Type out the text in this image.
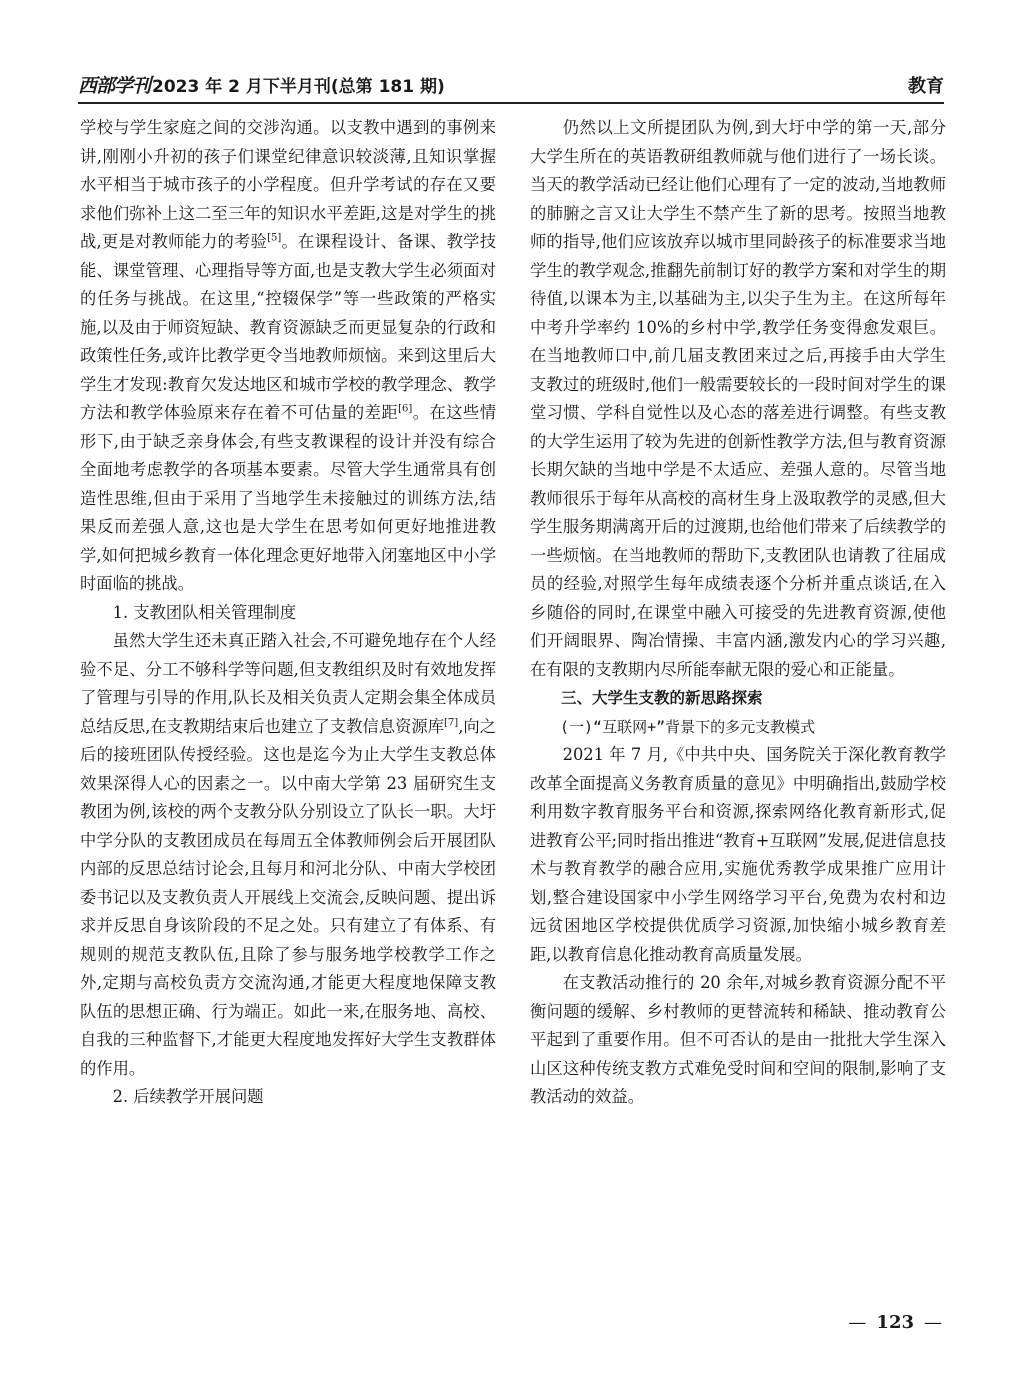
西部学刊 2023 年 2 月下半月刊(总第 181 期)	教育

学校与学生家庭之间的交涉沟通。以支教中遇到的事例来讲,刚刚小升初的孩子们课堂纪律意识较淡薄,且知识掌握水平相当于城市孩子的小学程度。但升学考试的存在又要求他们弥补上这二至三年的知识水平差距,这是对学生的挑战,更是对教师能力的考验[5]。在课程设计、备课、教学技能、课堂管理、心理指导等方面,也是支教大学生必须面对的任务与挑战。在这里,“控辍保学”等一些政策的严格实施,以及由于师资短缺、教育资源缺乏而更显复杂的行政和政策性任务,或许比教学更令当地教师烦恼。来到这里后大学生才发现:教育欠发达地区和城市学校的教学理念、教学方法和教学体验原来存在着不可估量的差距[6]。在这些情形下,由于缺乏亲身体会,有些支教课程的设计并没有综合全面地考虑教学的各项基本要素。尽管大学生通常具有创造性思维,但由于采用了当地学生未接触过的训练方法,结果反而差强人意,这也是大学生在思考如何更好地推进教学,如何把城乡教育一体化理念更好地带入闭塞地区中小学时面临的挑战。

1. 支教团队相关管理制度

虽然大学生还未真正踏入社会,不可避免地存在个人经验不足、分工不够科学等问题,但支教组织及时有效地发挥了管理与引导的作用,队长及相关负责人定期会集全体成员总结反思,在支教期结束后也建立了支教信息资源库[7],向之后的接班团队传授经验。这也是迄今为止大学生支教总体效果深得人心的因素之一。以中南大学第 23 届研究生支教团为例,该校的两个支教分队分别设立了队长一职。大圩中学分队的支教团成员在每周五全体教师例会后开展团队内部的反思总结讨论会,且每月和河北分队、中南大学校团委书记以及支教负责人开展线上交流会,反映问题、提出诉求并反思自身该阶段的不足之处。只有建立了有体系、有规则的规范支教队伍,且除了参与服务地学校教学工作之外,定期与高校负责方交流沟通,才能更大程度地保障支教队伍的思想正确、行为端正。如此一来,在服务地、高校、自我的三种监督下,才能更大程度地发挥好大学生支教群体的作用。

2. 后续教学开展问题

仍然以上文所提团队为例,到大圩中学的第一天,部分大学生所在的英语教研组教师就与他们进行了一场长谈。当天的教学活动已经让他们心理有了一定的波动,当地教师的肺腑之言又让大学生不禁产生了新的思考。按照当地教师的指导,他们应该放弃以城市里同龄孩子的标准要求当地学生的教学观念,推翻先前制订好的教学方案和对学生的期待值,以课本为主,以基础为主,以尖子生为主。在这所每年中考升学率约 10%的乡村中学,教学任务变得愈发艰巨。在当地教师口中,前几届支教团来过之后,再接手由大学生支教过的班级时,他们一般需要较长的一段时间对学生的课堂习惯、学科自觉性以及心态的落差进行调整。有些支教的大学生运用了较为先进的创新性教学方法,但与教育资源长期欠缺的当地中学是不太适应、差强人意的。尽管当地教师很乐于每年从高校的高材生身上汲取教学的灵感,但大学生服务期满离开后的过渡期,也给他们带来了后续教学的一些烦恼。在当地教师的帮助下,支教团队也请教了往届成员的经验,对照学生每年成绩表逐个分析并重点谈话,在入乡随俗的同时,在课堂中融入可接受的先进教育资源,使他们开阔眼界、陶冶情操、丰富内涵,激发内心的学习兴趣,在有限的支教期内尽所能奉献无限的爱心和正能量。

三、大学生支教的新思路探索

(一)“互联网+”背景下的多元支教模式

2021 年 7 月,《中共中央、国务院关于深化教育教学改革全面提高义务教育质量的意见》中明确指出,鼓励学校利用数字教育服务平台和资源,探索网络化教育新形式,促进教育公平;同时指出推进“教育+互联网”发展,促进信息技术与教育教学的融合应用,实施优秀教学成果推广应用计划,整合建设国家中小学生网络学习平台,免费为农村和边远贫困地区学校提供优质学习资源,加快缩小城乡教育差距,以教育信息化推动教育高质量发展。

在支教活动推行的 20 余年,对城乡教育资源分配不平衡问题的缓解、乡村教师的更替流转和稀缺、推动教育公平起到了重要作用。但不可否认的是由一批批大学生深入山区这种传统支教方式难免受时间和空间的限制,影响了支教活动的效益。

— 123 —
